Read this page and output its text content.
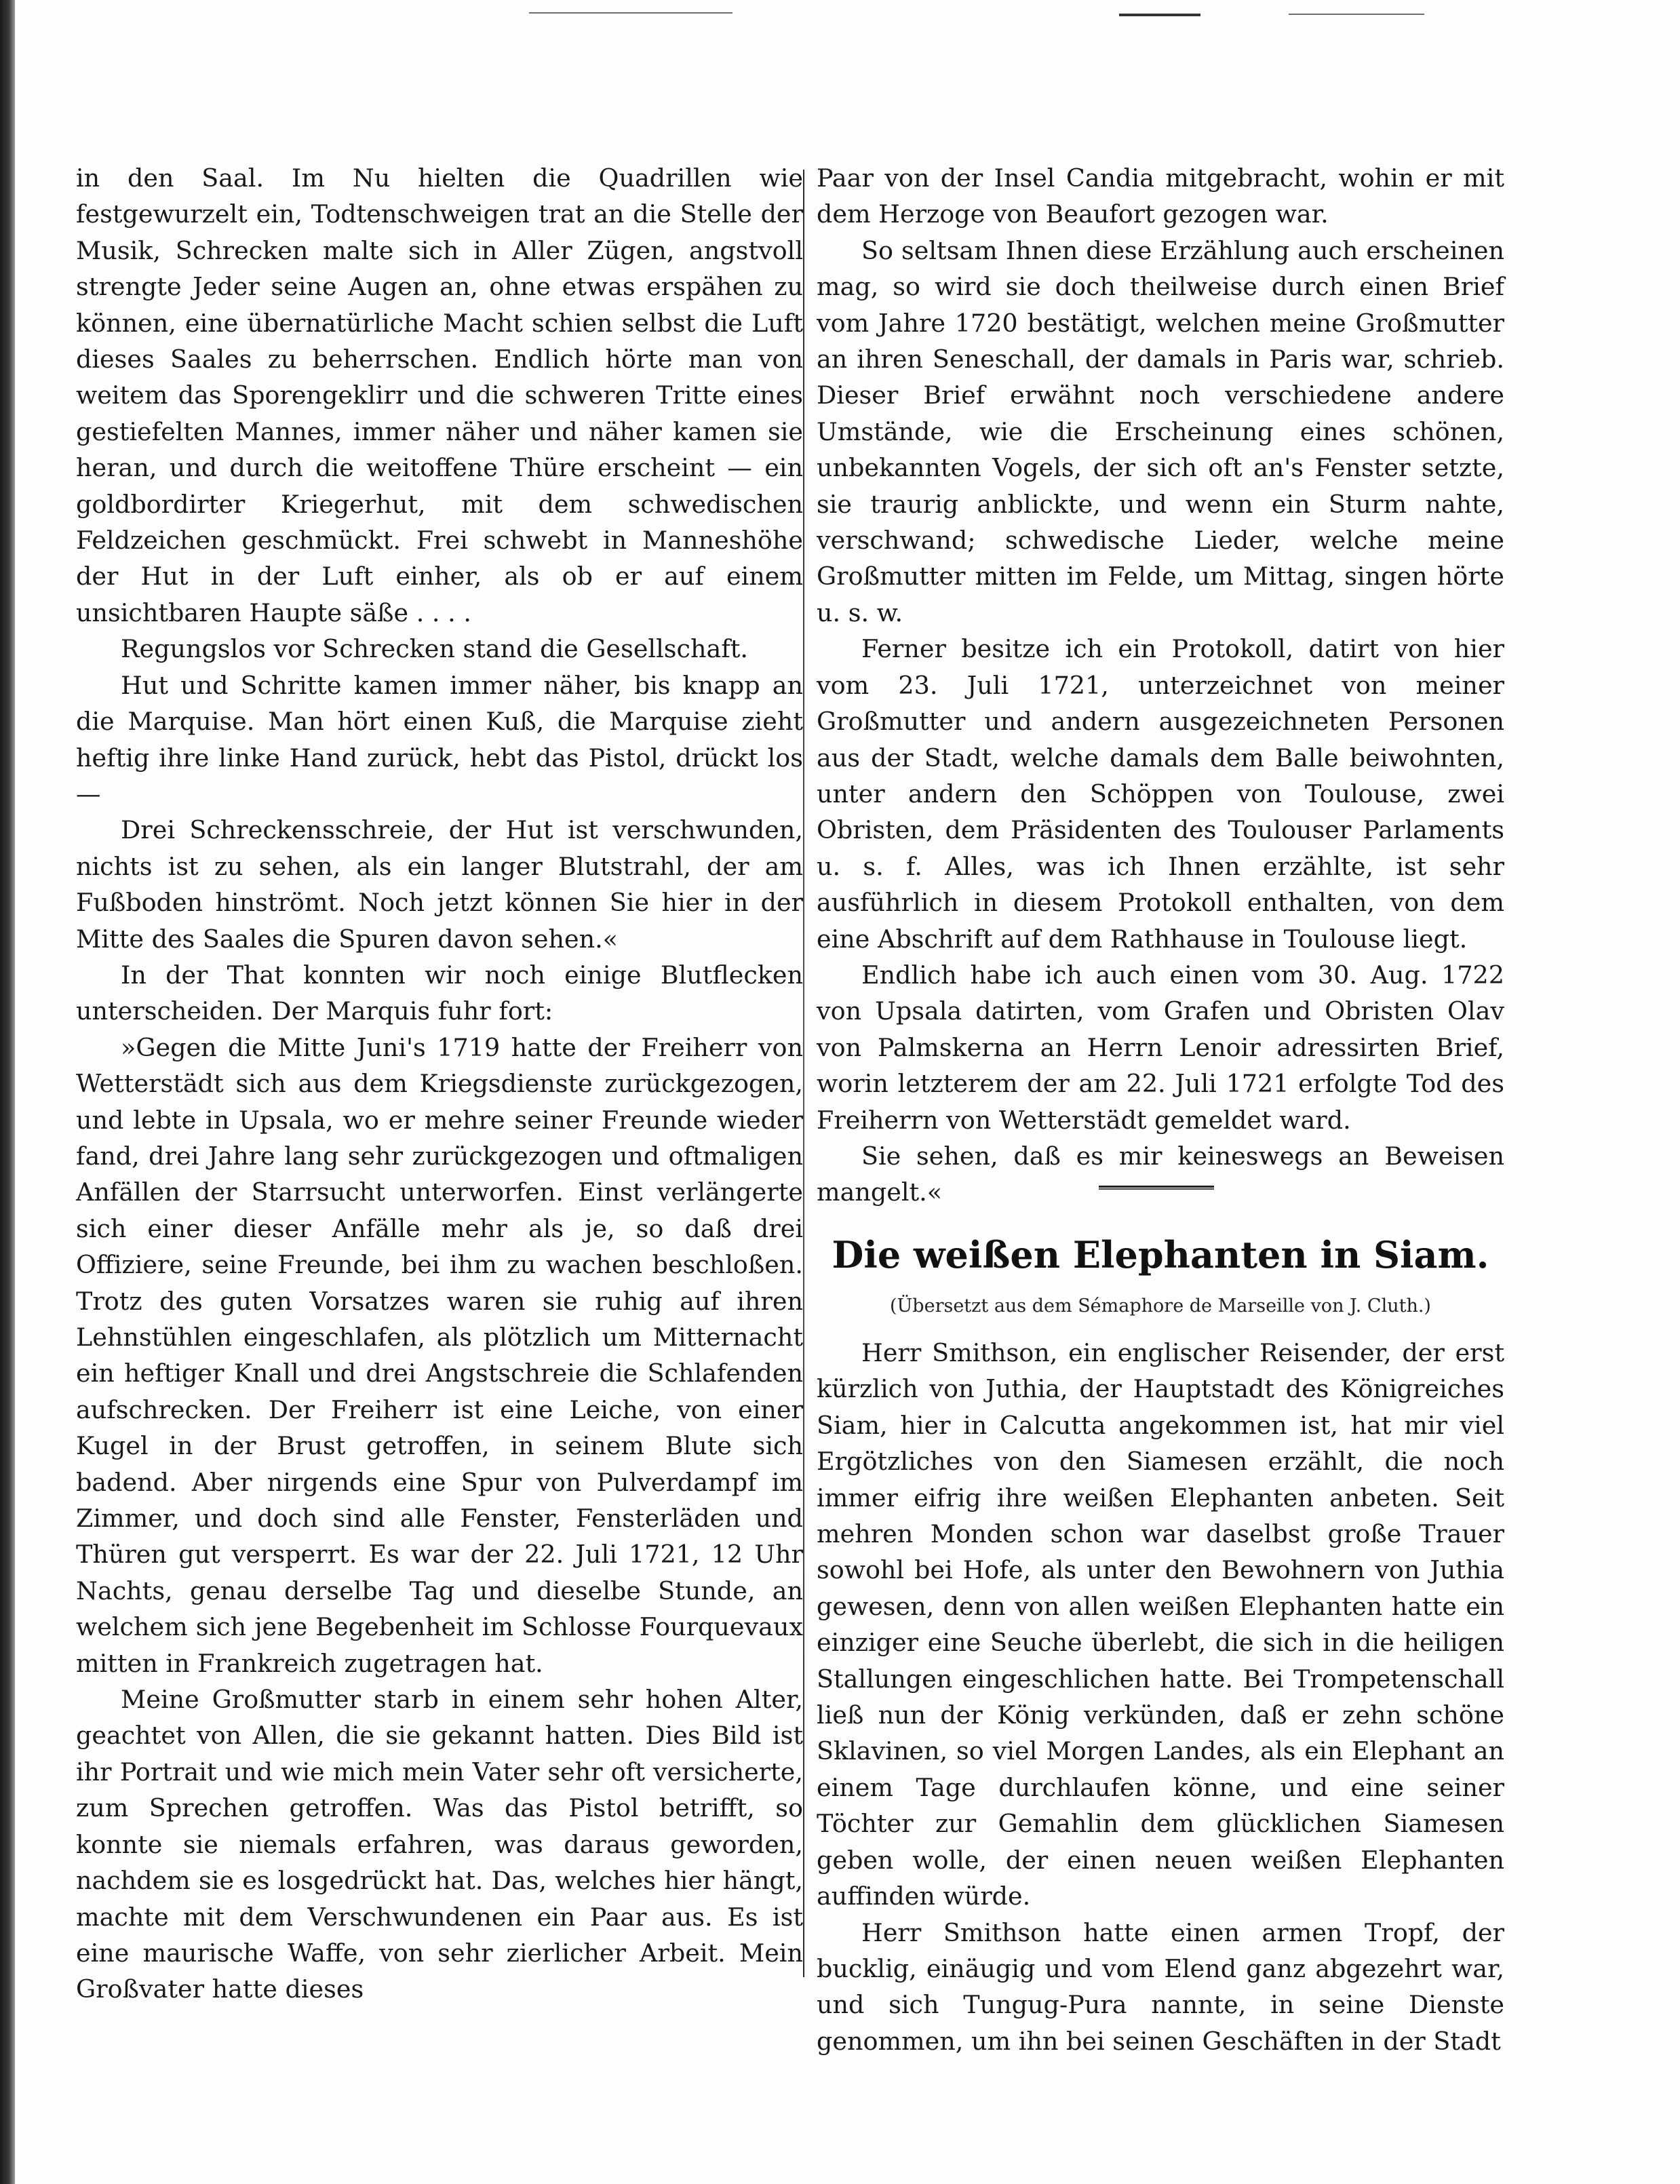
in den Saal. Im Nu hielten die Quadrillen wie festgewurzelt ein, Todtenschweigen trat an die Stelle der Musik, Schrecken malte sich in Aller Zügen, angstvoll strengte Jeder seine Augen an, ohne etwas erspähen zu können, eine übernatürliche Macht schien selbst die Luft dieses Saales zu beherrschen. Endlich hörte man von weitem das Sporengeklirr und die schweren Tritte eines gestiefelten Mannes, immer näher und näher kamen sie heran, und durch die weitoffene Thüre erscheint — ein goldbordirter Kriegerhut, mit dem schwedischen Feldzeichen geschmückt. Frei schwebt in Manneshöhe der Hut in der Luft einher, als ob er auf einem unsichtbaren Haupte säße . . . .

Regungslos vor Schrecken stand die Gesellschaft.

Hut und Schritte kamen immer näher, bis knapp an die Marquise. Man hört einen Kuß, die Marquise zieht heftig ihre linke Hand zurück, hebt das Pistol, drückt los —

Drei Schreckensschreie, der Hut ist verschwunden, nichts ist zu sehen, als ein langer Blutstrahl, der am Fußboden hinströmt. Noch jetzt können Sie hier in der Mitte des Saales die Spuren davon sehen.«

In der That konnten wir noch einige Blutflecken unterscheiden. Der Marquis fuhr fort:

»Gegen die Mitte Juni's 1719 hatte der Freiherr von Wetterstädt sich aus dem Kriegsdienste zurückgezogen, und lebte in Upsala, wo er mehre seiner Freunde wieder fand, drei Jahre lang sehr zurückgezogen und oftmaligen Anfällen der Starrsucht unterworfen. Einst verlängerte sich einer dieser Anfälle mehr als je, so daß drei Offiziere, seine Freunde, bei ihm zu wachen beschloßen. Trotz des guten Vorsatzes waren sie ruhig auf ihren Lehnstühlen eingeschlafen, als plötzlich um Mitternacht ein heftiger Knall und drei Angstschreie die Schlafenden aufschrecken. Der Freiherr ist eine Leiche, von einer Kugel in der Brust getroffen, in seinem Blute sich badend. Aber nirgends eine Spur von Pulverdampf im Zimmer, und doch sind alle Fenster, Fensterläden und Thüren gut versperrt. Es war der 22. Juli 1721, 12 Uhr Nachts, genau derselbe Tag und dieselbe Stunde, an welchem sich jene Begebenheit im Schlosse Fourquevaux mitten in Frankreich zugetragen hat.

Meine Großmutter starb in einem sehr hohen Alter, geachtet von Allen, die sie gekannt hatten. Dies Bild ist ihr Portrait und wie mich mein Vater sehr oft versicherte, zum Sprechen getroffen. Was das Pistol betrifft, so konnte sie niemals erfahren, was daraus geworden, nachdem sie es losgedrückt hat. Das, welches hier hängt, machte mit dem Verschwundenen ein Paar aus. Es ist eine maurische Waffe, von sehr zierlicher Arbeit. Mein Großvater hatte dieses

Paar von der Insel Candia mitgebracht, wohin er mit dem Herzoge von Beaufort gezogen war.

So seltsam Ihnen diese Erzählung auch erscheinen mag, so wird sie doch theilweise durch einen Brief vom Jahre 1720 bestätigt, welchen meine Großmutter an ihren Seneschall, der damals in Paris war, schrieb. Dieser Brief erwähnt noch verschiedene andere Umstände, wie die Erscheinung eines schönen, unbekannten Vogels, der sich oft an's Fenster setzte, sie traurig anblickte, und wenn ein Sturm nahte, verschwand; schwedische Lieder, welche meine Großmutter mitten im Felde, um Mittag, singen hörte u. s. w.

Ferner besitze ich ein Protokoll, datirt von hier vom 23. Juli 1721, unterzeichnet von meiner Großmutter und andern ausgezeichneten Personen aus der Stadt, welche damals dem Balle beiwohnten, unter andern den Schöppen von Toulouse, zwei Obristen, dem Präsidenten des Toulouser Parlaments u. s. f. Alles, was ich Ihnen erzählte, ist sehr ausführlich in diesem Protokoll enthalten, von dem eine Abschrift auf dem Rathhause in Toulouse liegt.

Endlich habe ich auch einen vom 30. Aug. 1722 von Upsala datirten, vom Grafen und Obristen Olav von Palmskerna an Herrn Lenoir adressirten Brief, worin letzterem der am 22. Juli 1721 erfolgte Tod des Freiherrn von Wetterstädt gemeldet ward.

Sie sehen, daß es mir keineswegs an Beweisen mangelt.«

Die weißen Elephanten in Siam.
(Übersetzt aus dem Sémaphore de Marseille von J. Cluth.)

Herr Smithson, ein englischer Reisender, der erst kürzlich von Juthia, der Hauptstadt des Königreiches Siam, hier in Calcutta angekommen ist, hat mir viel Ergötzliches von den Siamesen erzählt, die noch immer eifrig ihre weißen Elephanten anbeten. Seit mehren Monden schon war daselbst große Trauer sowohl bei Hofe, als unter den Bewohnern von Juthia gewesen, denn von allen weißen Elephanten hatte ein einziger eine Seuche überlebt, die sich in die heiligen Stallungen eingeschlichen hatte. Bei Trompetenschall ließ nun der König verkünden, daß er zehn schöne Sklavinen, so viel Morgen Landes, als ein Elephant an einem Tage durchlaufen könne, und eine seiner Töchter zur Gemahlin dem glücklichen Siamesen geben wolle, der einen neuen weißen Elephanten auffinden würde.

Herr Smithson hatte einen armen Tropf, der bucklig, einäugig und vom Elend ganz abgezehrt war, und sich Tungug-Pura nannte, in seine Dienste genommen, um ihn bei seinen Geschäften in der Stadt
